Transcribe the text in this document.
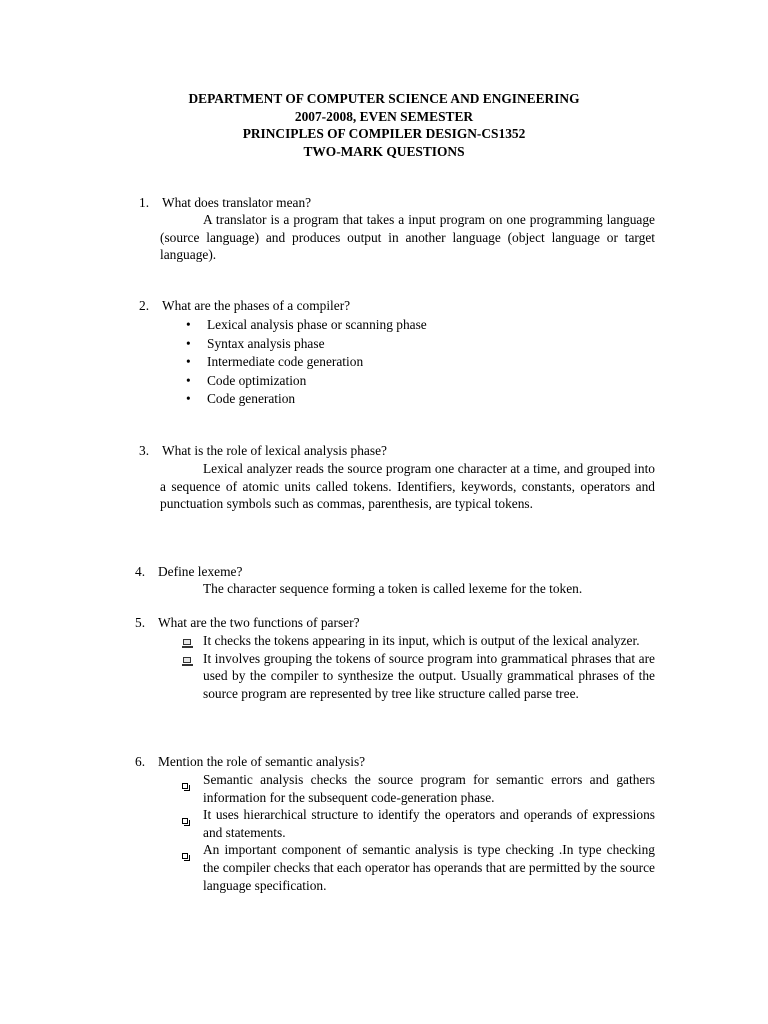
DEPARTMENT OF COMPUTER SCIENCE AND ENGINEERING
2007-2008, EVEN SEMESTER
PRINCIPLES OF COMPILER DESIGN-CS1352
TWO-MARK QUESTIONS
1. What does translator mean?
A translator is a program that takes a input program on one programming language (source language) and produces output in another language (object language or target language).
2. What are the phases of a compiler?
• Lexical analysis phase or scanning phase
• Syntax analysis phase
• Intermediate code generation
• Code optimization
• Code generation
3. What is the role of lexical analysis phase?
Lexical analyzer reads the source program one character at a time, and grouped into a sequence of atomic units called tokens. Identifiers, keywords, constants, operators and punctuation symbols such as commas, parenthesis, are typical tokens.
4. Define lexeme?
The character sequence forming a token is called lexeme for the token.
5. What are the two functions of parser?
It checks the tokens appearing in its input, which is output of the lexical analyzer.
It involves grouping the tokens of source program into grammatical phrases that are used by the compiler to synthesize the output. Usually grammatical phrases of the source program are represented by tree like structure called parse tree.
6. Mention the role of semantic analysis?
Semantic analysis checks the source program for semantic errors and gathers information for the subsequent code-generation phase.
It uses hierarchical structure to identify the operators and operands of expressions and statements.
An important component of semantic analysis is type checking .In type checking the compiler checks that each operator has operands that are permitted by the source language specification.
